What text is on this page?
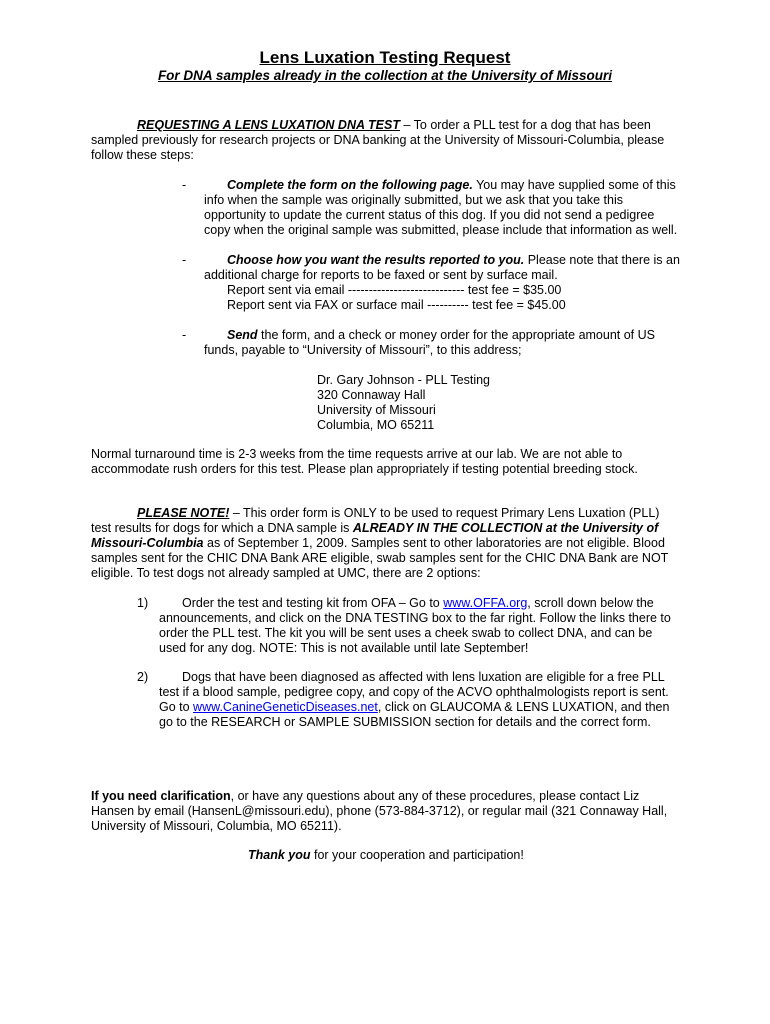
Lens Luxation Testing Request
For DNA samples already in the collection at the University of Missouri
REQUESTING A LENS LUXATION DNA TEST – To order a PLL test for a dog that has been
sampled previously for research projects or DNA banking at the University of Missouri-Columbia, please
follow these steps:
-	Complete the form on the following page. You may have supplied some of this
info when the sample was originally submitted, but we ask that you take this
opportunity to update the current status of this dog. If you did not send a pedigree
copy when the original sample was submitted, please include that information as well.
-	Choose how you want the results reported to you. Please note that there is an
additional charge for reports to be faxed or sent by surface mail.
Report sent via email ---------------------------- test fee = $35.00
Report sent via FAX or surface mail ---------- test fee = $45.00
-	Send the form, and a check or money order for the appropriate amount of US
funds, payable to “University of Missouri”, to this address;
Dr. Gary Johnson - PLL Testing
320 Connaway Hall
University of Missouri
Columbia, MO 65211
Normal turnaround time is 2-3 weeks from the time requests arrive at our lab. We are not able to
accommodate rush orders for this test. Please plan appropriately if testing potential breeding stock.
PLEASE NOTE! – This order form is ONLY to be used to request Primary Lens Luxation (PLL)
test results for dogs for which a DNA sample is ALREADY IN THE COLLECTION at the University of
Missouri-Columbia as of September 1, 2009. Samples sent to other laboratories are not eligible. Blood
samples sent for the CHIC DNA Bank ARE eligible, swab samples sent for the CHIC DNA Bank are NOT
eligible. To test dogs not already sampled at UMC, there are 2 options:
1)	Order the test and testing kit from OFA – Go to www.OFFA.org, scroll down below the
announcements, and click on the DNA TESTING box to the far right. Follow the links there to
order the PLL test. The kit you will be sent uses a cheek swab to collect DNA, and can be
used for any dog. NOTE: This is not available until late September!
2)	Dogs that have been diagnosed as affected with lens luxation are eligible for a free PLL
test if a blood sample, pedigree copy, and copy of the ACVO ophthalmologists report is sent.
Go to www.CanineGeneticDiseases.net, click on GLAUCOMA & LENS LUXATION, and then
go to the RESEARCH or SAMPLE SUBMISSION section for details and the correct form.
If you need clarification, or have any questions about any of these procedures, please contact Liz
Hansen by email (HansenL@missouri.edu), phone (573-884-3712), or regular mail (321 Connaway Hall,
University of Missouri, Columbia, MO 65211).
Thank you for your cooperation and participation!
